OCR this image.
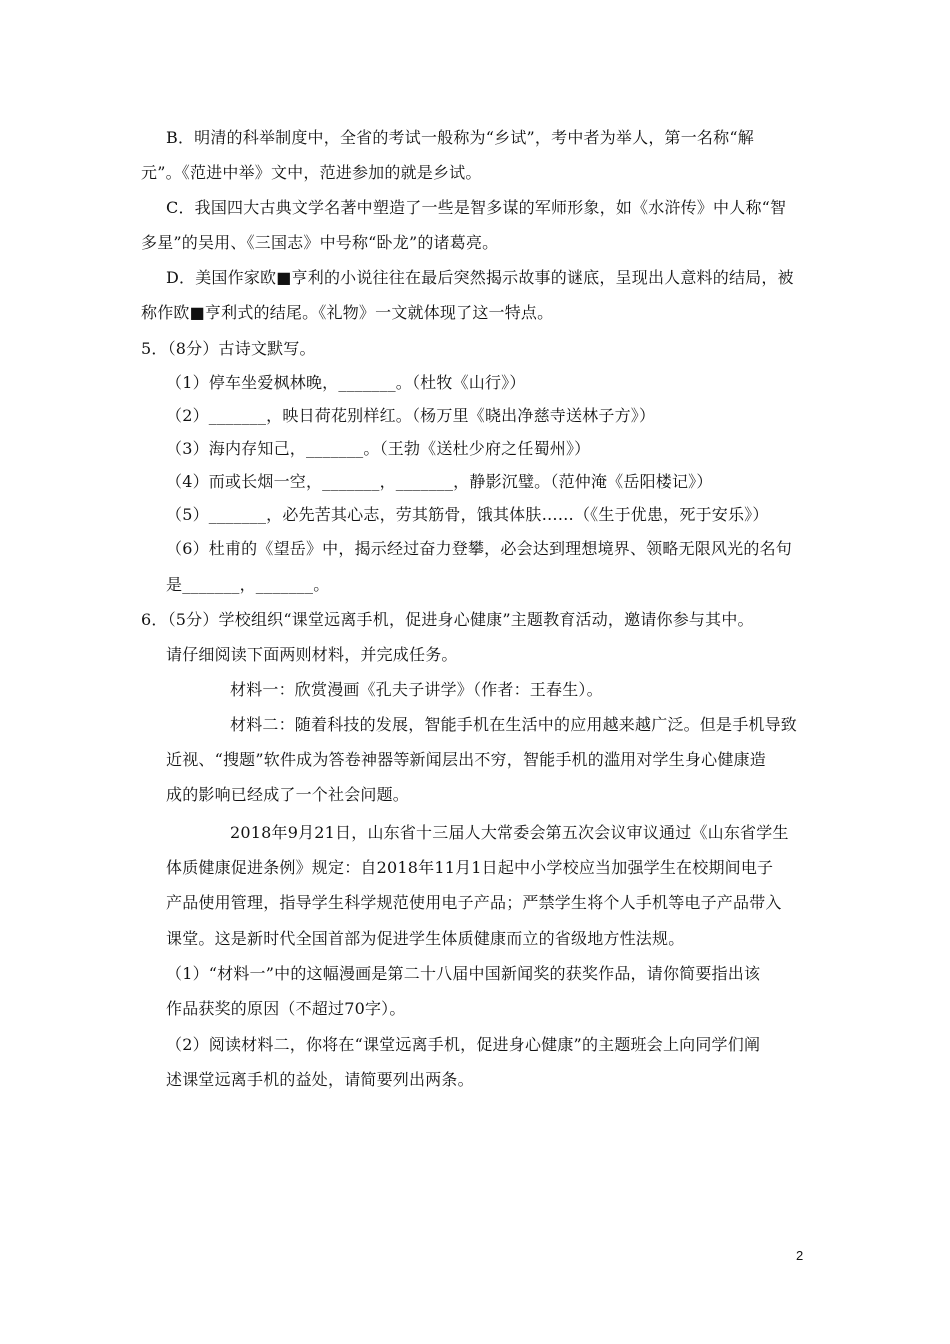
B．明清的科举制度中，全省的考试一般称为“乡试”，考中者为举人，第一名称“解
元”。《范进中举》文中，范进参加的就是乡试。
C．我国四大古典文学名著中塑造了一些是智多谋的军师形象，如《水浒传》中人称“智
多星”的吴用、《三国志》中号称“卧龙”的诸葛亮。
D．美国作家欧■亨利的小说往往在最后突然揭示故事的谜底，呈现出人意料的结局，被
称作欧■亨利式的结尾。《礼物》一文就体现了这一特点。
5．（8分）古诗文默写。
（1）停车坐爱枫林晚，_______。（杜牧《山行》）
（2）_______，映日荷花别样红。（杨万里《晓出净慈寺送林子方》）
（3）海内存知己，_______。（王勃《送杜少府之任蜀州》）
（4）而或长烟一空，_______，_______，静影沉璧。（范仲淹《岳阳楼记》）
（5）_______，必先苦其心志，劳其筋骨，饿其体肤……（《生于优患，死于安乐》）
（6）杜甫的《望岳》中，揭示经过奋力登攀，必会达到理想境界、领略无限风光的名句
是_______，_______。
6．（5分）学校组织“课堂远离手机，促进身心健康”主题教育活动，邀请你参与其中。
请仔细阅读下面两则材料，并完成任务。
材料一：欣赏漫画《孔夫子讲学》（作者：王春生）。
材料二：随着科技的发展，智能手机在生活中的应用越来越广泛。但是手机导致
近视、“搜题”软件成为答卷神器等新闻层出不穷，智能手机的滥用对学生身心健康造
成的影响已经成了一个社会问题。
2018年9月21日，山东省十三届人大常委会第五次会议审议通过《山东省学生
体质健康促进条例》规定：自2018年11月1日起中小学校应当加强学生在校期间电子
产品使用管理，指导学生科学规范使用电子产品；严禁学生将个人手机等电子产品带入
课堂。这是新时代全国首部为促进学生体质健康而立的省级地方性法规。
（1）“材料一”中的这幅漫画是第二十八届中国新闻奖的获奖作品，请你简要指出该
作品获奖的原因（不超过70字）。
（2）阅读材料二，你将在“课堂远离手机，促进身心健康”的主题班会上向同学们阐
述课堂远离手机的益处，请简要列出两条。
2
